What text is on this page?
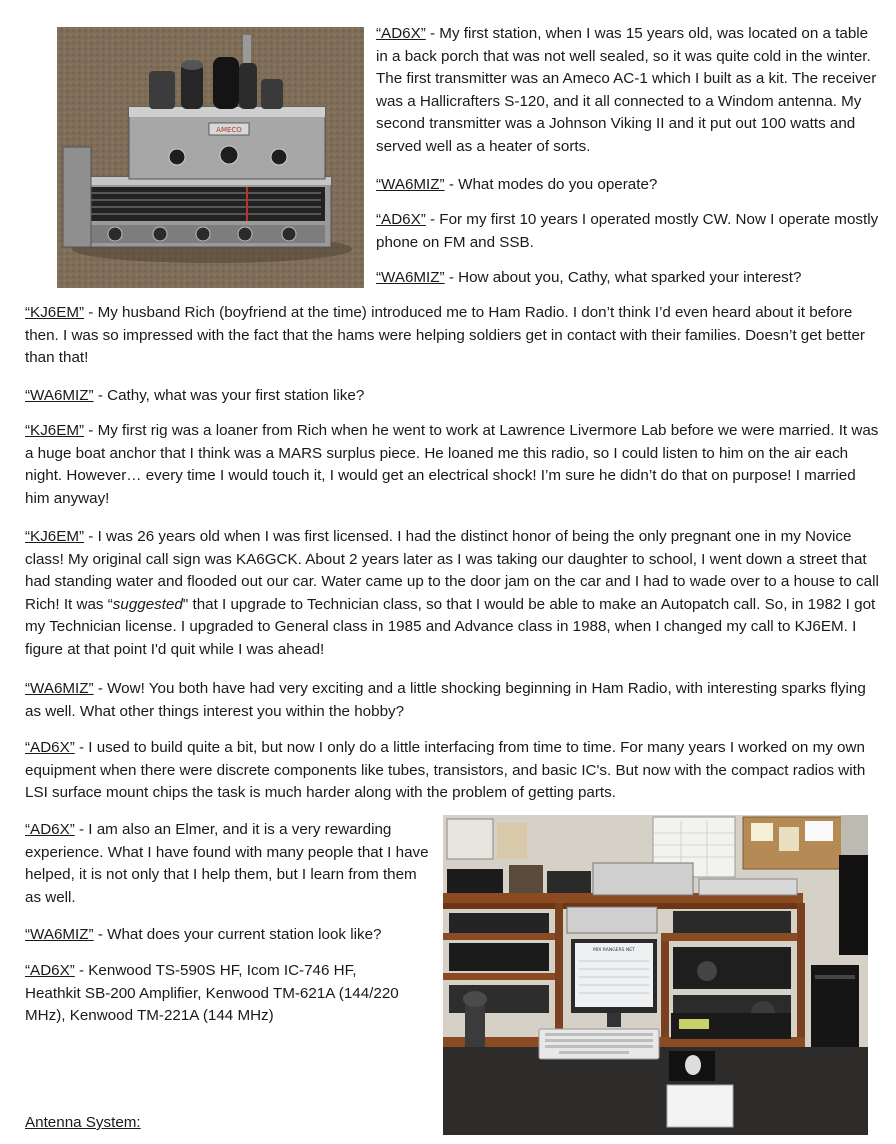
AMECO

“AD6X” - My first station, when I was 15 years old, was located on a table in a back porch that was not well sealed, so it was quite cold in the winter. The first transmitter was an Ameco AC-1 which I built as a kit. The receiver was a Hallicrafters S-120, and it all connected to a Windom antenna. My second transmitter was a Johnson Viking II and it put out 100 watts and served well as a heater of sorts.

“WA6MIZ” - What modes do you operate?

“AD6X” - For my first 10 years I operated mostly CW. Now I operate mostly phone on FM and SSB.

“WA6MIZ” - How about you, Cathy, what sparked your interest?

“KJ6EM” - My husband Rich (boyfriend at the time) introduced me to Ham Radio. I don’t think I’d even heard about it before then. I was so impressed with the fact that the hams were helping soldiers get in contact with their families. Doesn’t get better than that!

“WA6MIZ” - Cathy, what was your first station like?

“KJ6EM” - My first rig was a loaner from Rich when he went to work at Lawrence Livermore Lab before we were married. It was a huge boat anchor that I think was a MARS surplus piece. He loaned me this radio, so I could listen to him on the air each night. However… every time I would touch it, I would get an electrical shock! I’m sure he didn’t do that on purpose! I married him anyway!

“KJ6EM” - I was 26 years old when I was first licensed. I had the distinct honor of being the only pregnant one in my Novice class! My original call sign was KA6GCK. About 2 years later as I was taking our daughter to school, I went down a street that had standing water and flooded out our car. Water came up to the door jam on the car and I had to wade over to a house to call Rich! It was “suggested" that I upgrade to Technician class, so that I would be able to make an Autopatch call. So, in 1982 I got my Technician license. I upgraded to General class in 1985 and Advance class in 1988, when I changed my call to KJ6EM. I figure at that point I'd quit while I was ahead!

“WA6MIZ” - Wow! You both have had very exciting and a little shocking beginning in Ham Radio, with interesting sparks flying as well. What other things interest you within the hobby?

“AD6X” - I used to build quite a bit, but now I only do a little interfacing from time to time. For many years I worked on my own equipment when there were discrete components like tubes, transistors, and basic IC's. But now with the compact radios with LSI surface mount chips the task is much harder along with the problem of getting parts.

“AD6X” - I am also an Elmer, and it is a very rewarding experience. What I have found with many people that I have helped, it is not only that I help them, but I learn from them as well.

“WA6MIZ” - What does your current station look like?

“AD6X” - Kenwood TS-590S HF, Icom IC-746 HF, Heathkit SB-200 Amplifier, Kenwood TM-621A (144/220 MHz), Kenwood TM-221A (144 MHz)

Antenna System:

MIX RANGERS NET
